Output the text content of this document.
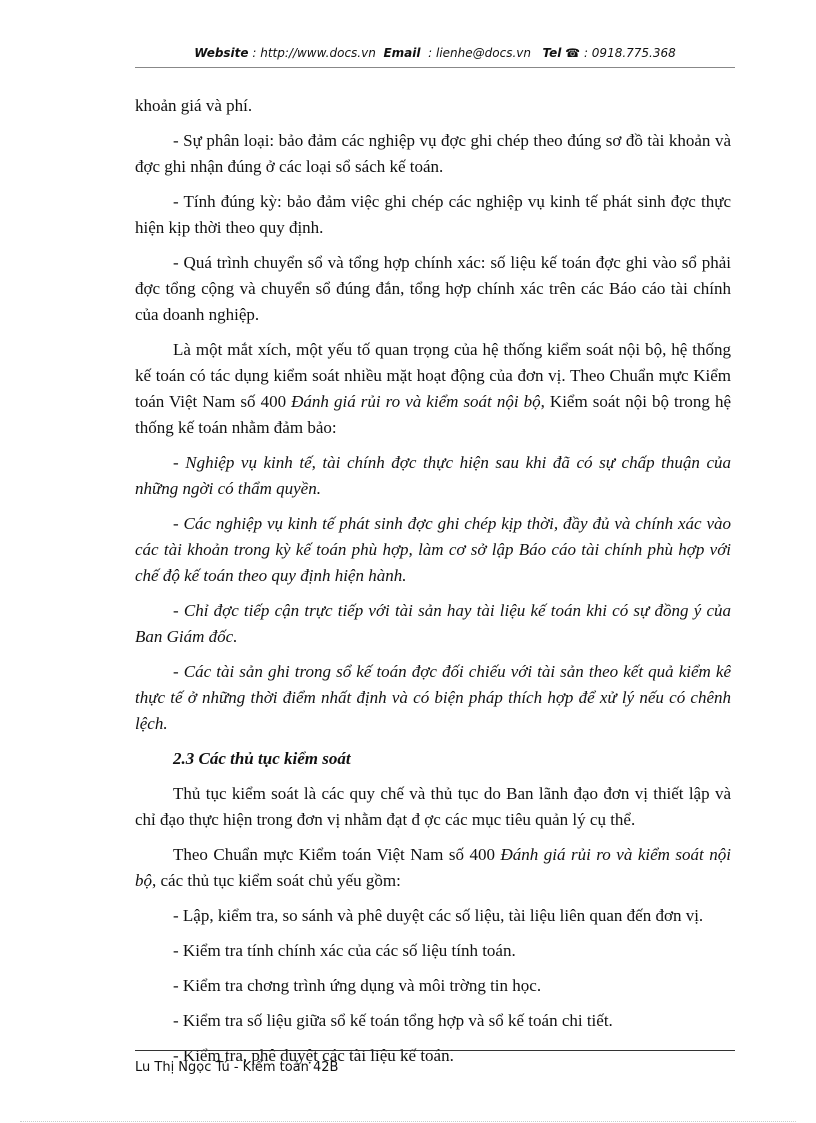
Website : http://www.docs.vn Email : lienhe@docs.vn Tel ☎ : 0918.775.368

khoản giá và phí.

- Sự phân loại: bảo đảm các nghiệp vụ đợc ghi chép theo đúng sơ đồ tài khoản và đợc ghi nhận đúng ở các loại sổ sách kế toán.

- Tính đúng kỳ: bảo đảm việc ghi chép các nghiệp vụ kinh tế phát sinh đợc thực hiện kịp thời theo quy định.

- Quá trình chuyển sổ và tổng hợp chính xác: số liệu kế toán đợc ghi vào sổ phải đợc tổng cộng và chuyển sổ đúng đắn, tổng hợp chính xác trên các Báo cáo tài chính của doanh nghiệp.

Là một mắt xích, một yếu tố quan trọng của hệ thống kiểm soát nội bộ, hệ thống kế toán có tác dụng kiểm soát nhiều mặt hoạt động của đơn vị. Theo Chuẩn mực Kiểm toán Việt Nam số 400 Đánh giá rủi ro và kiểm soát nội bộ, Kiểm soát nội bộ trong hệ thống kế toán nhằm đảm bảo:

- Nghiệp vụ kinh tế, tài chính đợc thực hiện sau khi đã có sự chấp thuận của những ngời có thẩm quyền.

- Các nghiệp vụ kinh tế phát sinh đợc ghi chép kịp thời, đầy đủ và chính xác vào các tài khoản trong kỳ kế toán phù hợp, làm cơ sở lập Báo cáo tài chính phù hợp với chế độ kế toán theo quy định hiện hành.

- Chỉ đợc tiếp cận trực tiếp với tài sản hay tài liệu kế toán khi có sự đồng ý của Ban Giám đốc.

- Các tài sản ghi trong sổ kế toán đợc đối chiếu với tài sản theo kết quả kiểm kê thực tế ở những thời điểm nhất định và có biện pháp thích hợp để xử lý nếu có chênh lệch.

2.3 Các thủ tục kiểm soát

Thủ tục kiểm soát là các quy chế và thủ tục do Ban lãnh đạo đơn vị thiết lập và chỉ đạo thực hiện trong đơn vị nhằm đạt đ ợc các mục tiêu quản lý cụ thể.

Theo Chuẩn mực Kiểm toán Việt Nam số 400 Đánh giá rủi ro và kiểm soát nội bộ, các thủ tục kiểm soát chủ yếu gồm:

- Lập, kiểm tra, so sánh và phê duyệt các số liệu, tài liệu liên quan đến đơn vị.

- Kiểm tra tính chính xác của các số liệu tính toán.

- Kiểm tra chơng trình ứng dụng và môi trờng tin học.

- Kiểm tra số liệu giữa sổ kế toán tổng hợp và sổ kế toán chi tiết.

- Kiểm tra, phê duyệt các tài liệu kế toán.

Lu Thị Ngọc Tú - Kiểm toán 42B
